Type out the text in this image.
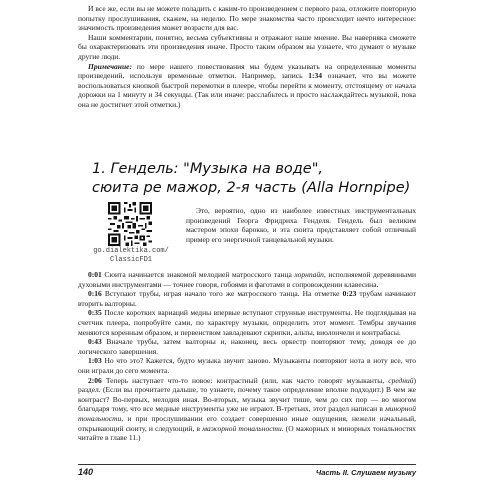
И все же, если вы не можете поладить с каким-то произведением с первого раза, отложите повторную попытку прослушивания, скажем, на неделю. По мере знакомства часто происходит нечто интересное: значимость произведения может возрасти для вас.

Наши комментарии, понятно, весьма субъективны и отражают наше мнение. Вы наверняка сможете бы охарактеризовать эти произведения иначе. Просто таким образом вы узнаете, что думают о музыке другие люди.

Примечание: по мере нашего повествования мы будем указывать на определенные моменты произведений, используя временные отметки. Например, запись 1:34 означает, что вы можете воспользоваться кнопкой быстрой перемотки в плеере, чтобы перейти к моменту, отстоящему от начала дорожки на 1 минуту и 34 секунды. (Так или иначе: расслабьтесь и просто наслаждайтесь музыкой, пока она не достигнет этой отметки.)

1. Гендель: "Музыка на воде",
сюита ре мажор, 2-я часть (Alla Hornpipe)
go.dialektika.com/
ClassicFD1

Это, вероятно, одно из наиболее известных инструментальных произведений Георга Фридриха Генделя. Гендель был великим мастером эпохи барокко, и эта сюита представляет собой отличный пример его энергичной танцевальной музыки.

0:01 Сюита начинается знакомой мелодией матросского танца хорнпайп, исполняемой деревянными духовыми инструментами — точнее говоря, гобоями и фаготами в сопровождении клавесина.

0:16 Вступают трубы, играя начало того же матросского танца. На отметке 0:23 трубам начинают вторить валторны.

0:35 После коротких вариаций медны впервые вступают струнные инструменты. Не подглядывая на счетчик плеера, попробуйте сами, по характеру музыки, определить этот момент. Тембры звучания меняются коренным образом, и первенством завладевают скрипки, альты, виолончели и контрабасы.

0:43 Вначале трубы, затем валторны и, наконец, весь оркестр повторяют тему, доводя ее до логического завершения.

1:03 Но что это? Кажется, будто музыка звучит заново. Музыканты повторяют нота в ноту все, что они играли до сего момента.

2:06 Теперь наступает что-то новое: контрастный (или, как часто говорят музыканты, средний) раздел. (Если вы прочитаете дальше, то узнаете, почему такое определение вполне подходит.) В чем же контраст? Во-первых, мелодия иная. Во-вторых, музыка звучит тише, чем до сих пор — во многом благодаря тому, что все медные инструменты уже не играют. В-третьих, этот раздел написан в минорной тональности, и при прослушивании его создает совершенно иные ощущения, нежели начальный, открывающий сюиту, и следующий, в мажорной тональности. (О мажорных и минорных тональностях читайте в главе 11.)

140	Часть II. Слушаем музыку
